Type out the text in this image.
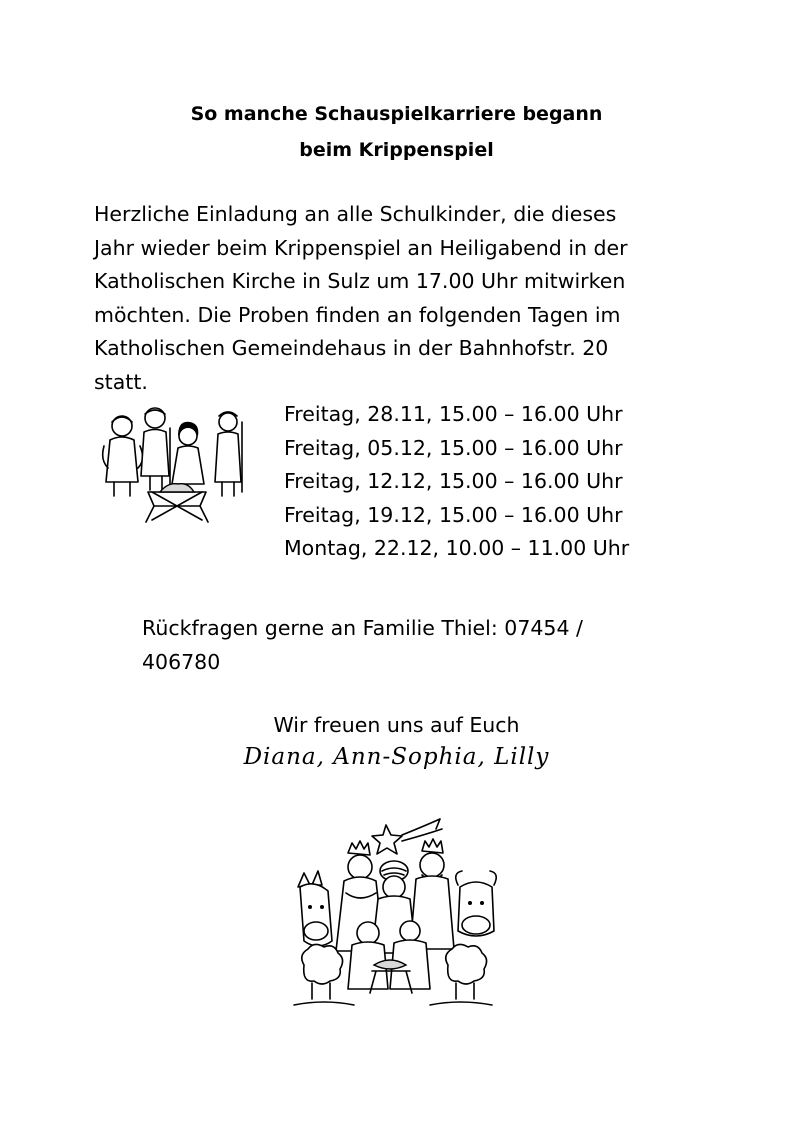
So manche Schauspielkarriere begann
beim Krippenspiel

Herzliche Einladung an alle Schulkinder, die dieses
Jahr wieder beim Krippenspiel an Heiligabend in der
Katholischen Kirche in Sulz um 17.00 Uhr mitwirken
möchten. Die Proben finden an folgenden Tagen im
Katholischen Gemeindehaus in der Bahnhofstr. 20
statt.

Freitag, 28.11, 15.00 – 16.00 Uhr
Freitag, 05.12, 15.00 – 16.00 Uhr
Freitag, 12.12, 15.00 – 16.00 Uhr
Freitag, 19.12, 15.00 – 16.00 Uhr
Montag, 22.12, 10.00 – 11.00 Uhr

Rückfragen gerne an Familie Thiel: 07454 /
406780

Wir freuen uns auf Euch

Diana, Ann-Sophia, Lilly
